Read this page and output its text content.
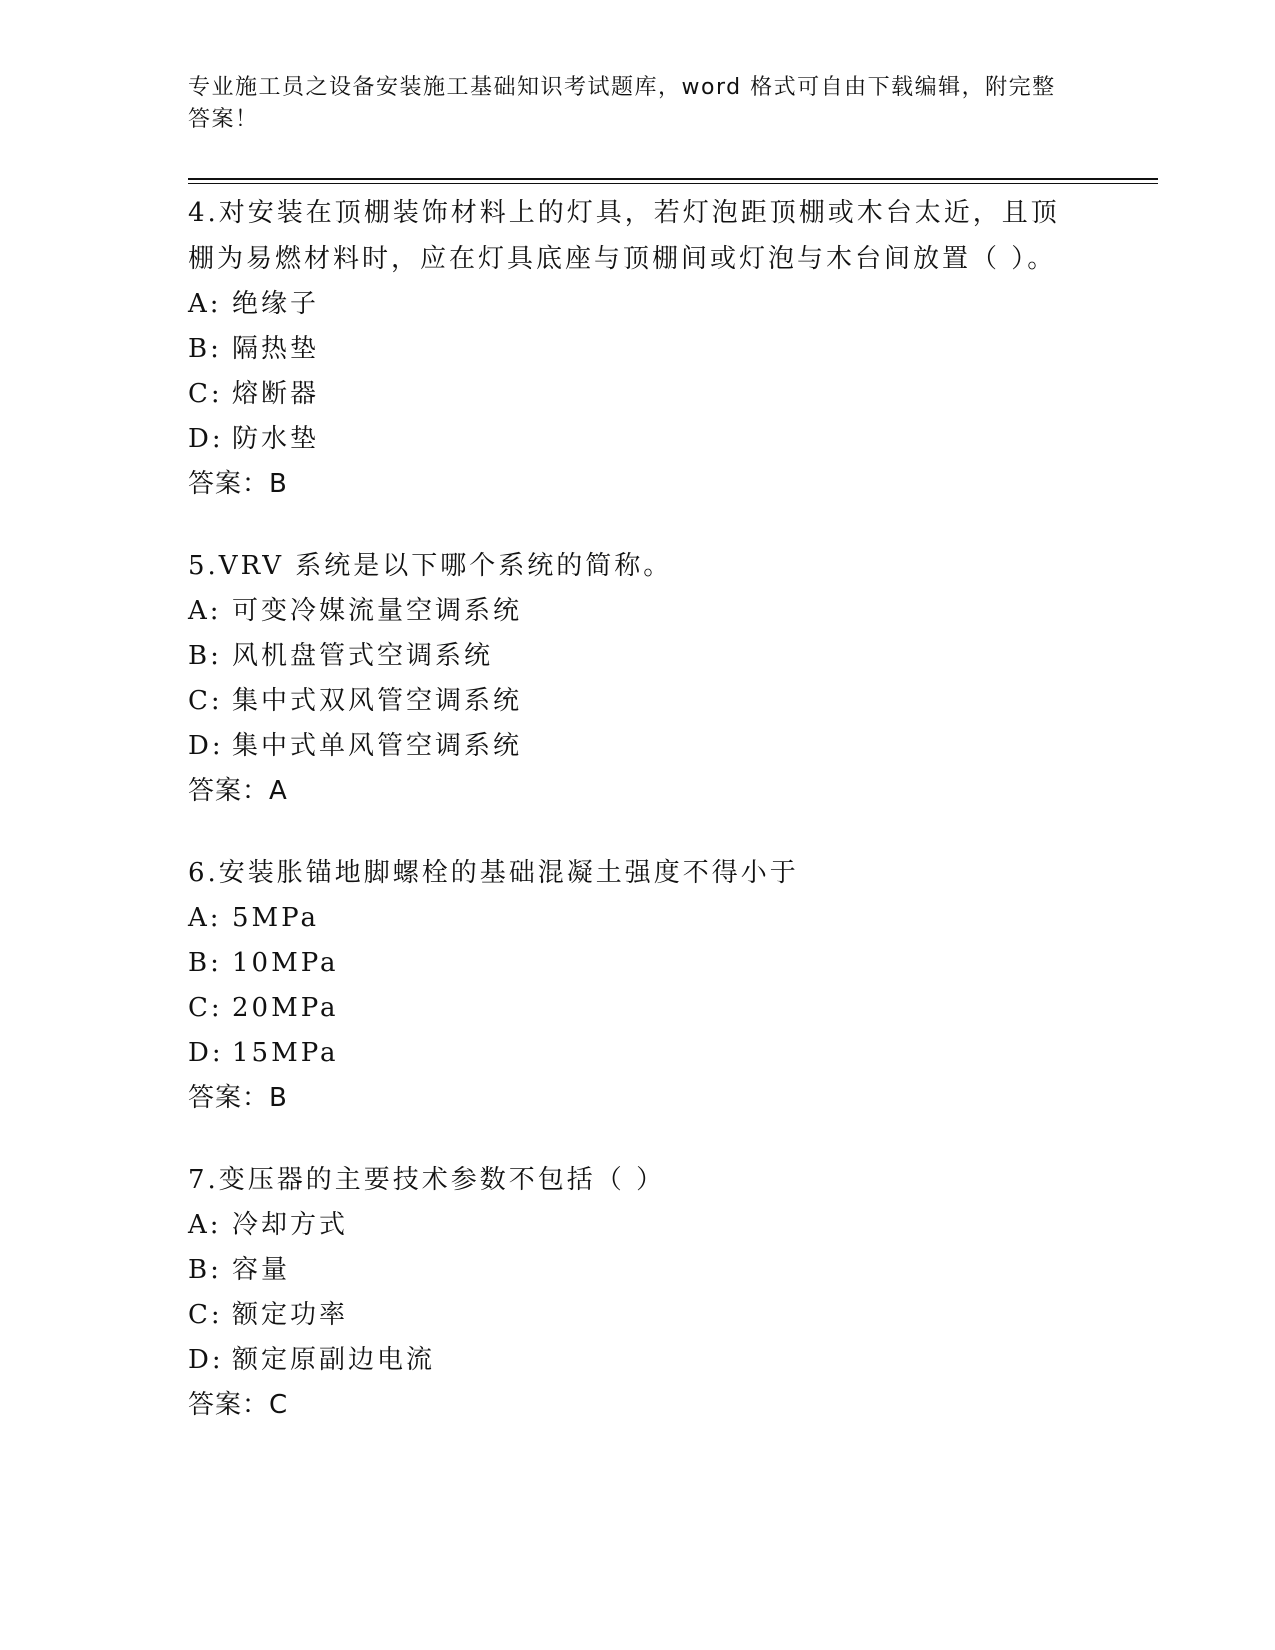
专业施工员之设备安装施工基础知识考试题库，word 格式可自由下载编辑，附完整答案！

4.对安装在顶棚装饰材料上的灯具，若灯泡距顶棚或木台太近，且顶棚为易燃材料时，应在灯具底座与顶棚间或灯泡与木台间放置（ ）。

A: 绝缘子

B: 隔热垫

C: 熔断器

D: 防水垫

答案：B

5.VRV 系统是以下哪个系统的简称。

A: 可变冷媒流量空调系统

B: 风机盘管式空调系统

C: 集中式双风管空调系统

D: 集中式单风管空调系统

答案：A

6.安装胀锚地脚螺栓的基础混凝土强度不得小于

A: 5MPa

B: 10MPa

C: 20MPa

D: 15MPa

答案：B

7.变压器的主要技术参数不包括（ ）

A: 冷却方式

B: 容量

C: 额定功率

D: 额定原副边电流

答案：C
